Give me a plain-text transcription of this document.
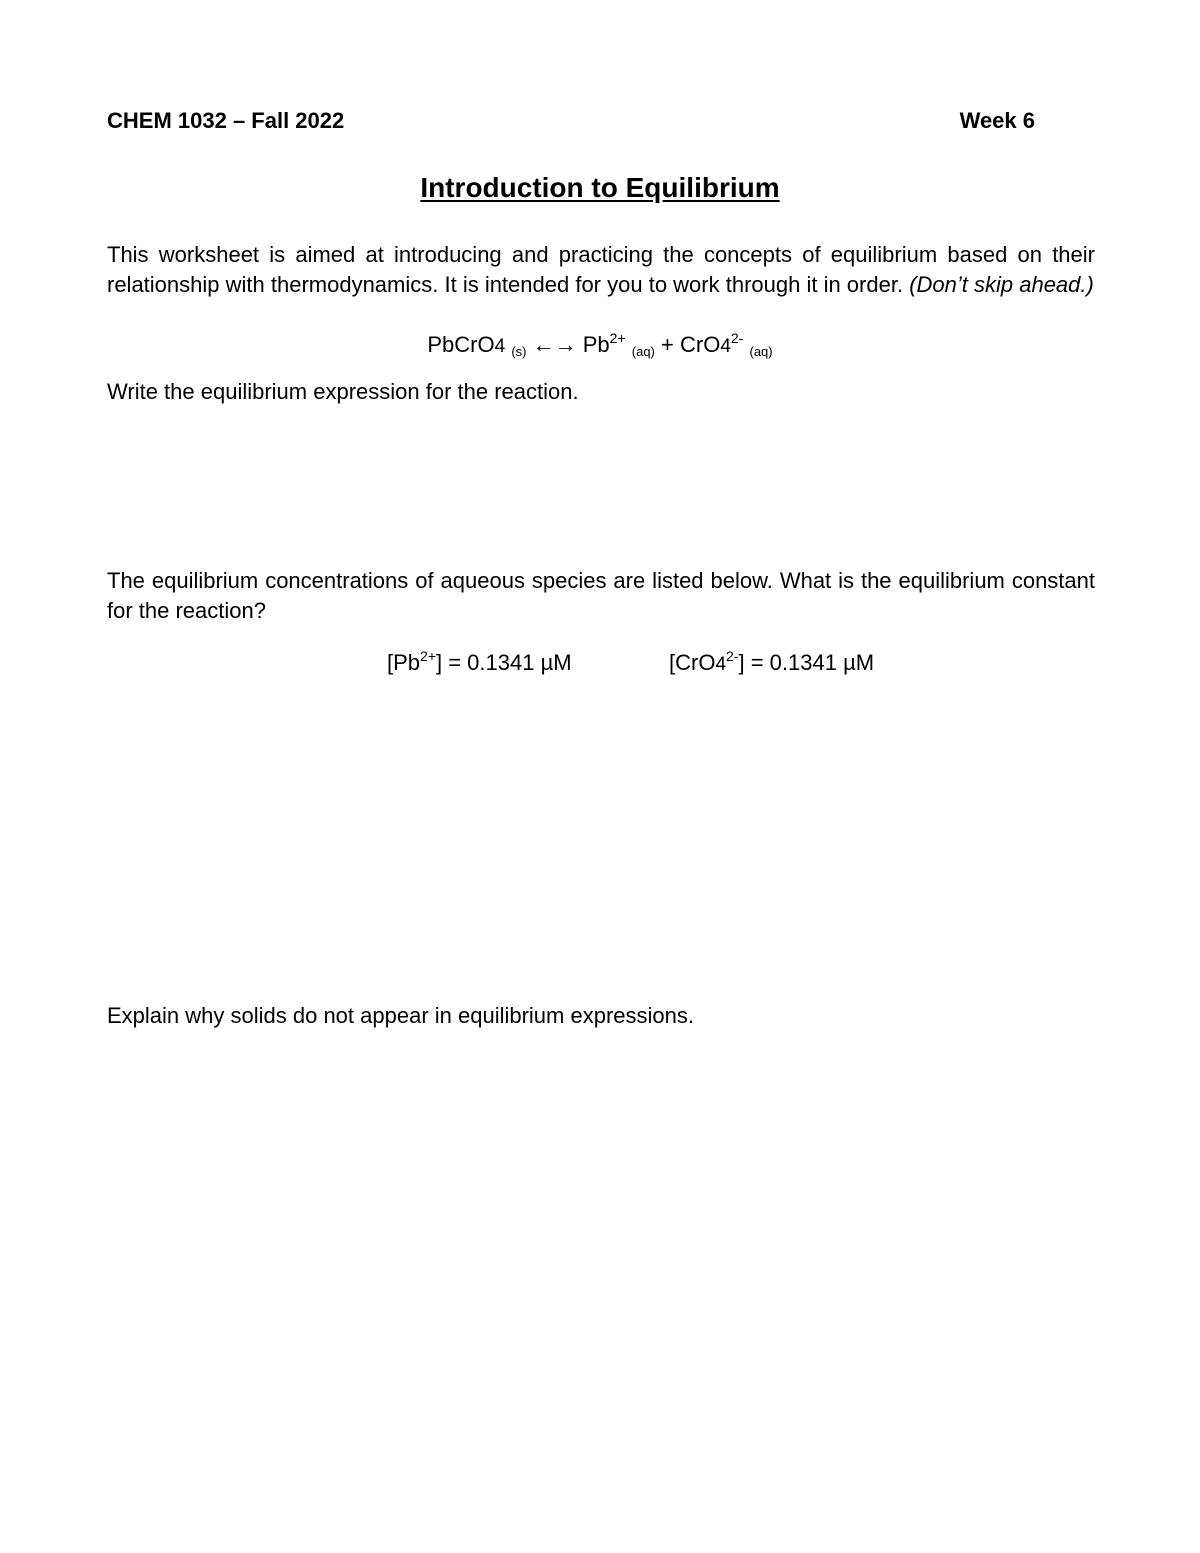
CHEM 1032 – Fall 2022	Week 6
Introduction to Equilibrium
This worksheet is aimed at introducing and practicing the concepts of equilibrium based on their relationship with thermodynamics. It is intended for you to work through it in order. (Don’t skip ahead.)
PbCrO4 (s) ←→ $Pb^{2+}$ $(aq) + CrO4^{2-}$ (aq)
Write the equilibrium expression for the reaction.
The equilibrium concentrations of aqueous species are listed below. What is the equilibrium constant for the reaction?
$[Pb^{2+}] = 0.1341$ µM	$[CrO4^{2-}] = 0.1341$ µM
Explain why solids do not appear in equilibrium expressions.
